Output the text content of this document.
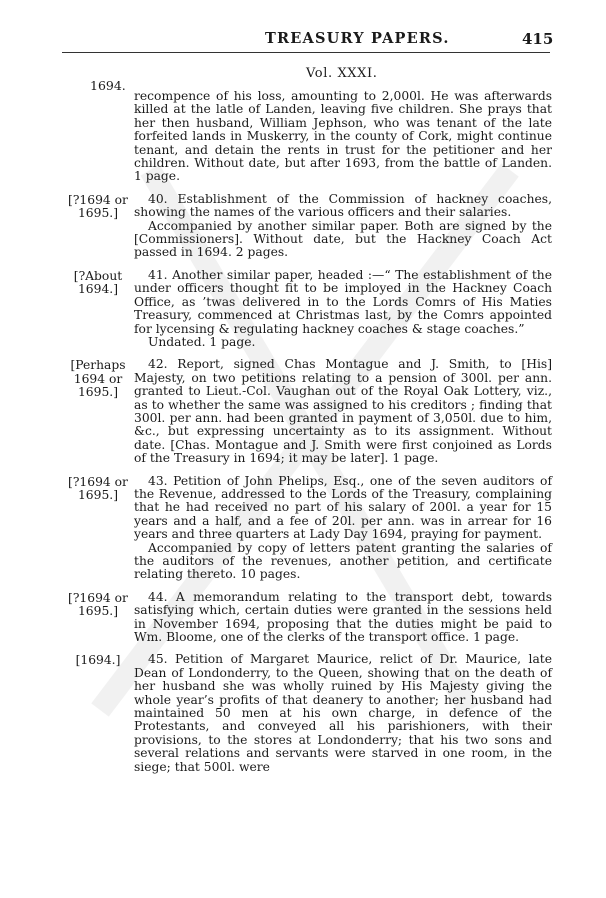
TREASURY PAPERS.	415
1694.
Vol. XXXI.

recompence of his loss, amounting to 2,000l. He was afterwards killed at the latle of Landen, leaving five children. She prays that her then husband, William Jephson, who was tenant of the late forfeited lands in Muskerry, in the county of Cork, might continue tenant, and detain the rents in trust for the petitioner and her children. Without date, but after 1693, from the battle of Landen. 1 page.

[?1694 or 1695.]

40. Establishment of the Commission of hackney coaches, showing the names of the various officers and their salaries.

Accompanied by another similar paper. Both are signed by the [Commissioners]. Without date, but the Hackney Coach Act passed in 1694. 2 pages.

[?About 1694.]

41. Another similar paper, headed :—“ The establishment of the under officers thought fit to be imployed in the Hackney Coach Office, as ’twas delivered in to the Lords Comrs of His Maties Treasury, commenced at Christmas last, by the Comrs appointed for lycensing & regulating hackney coaches & stage coaches.”

Undated. 1 page.

[Perhaps 1694 or 1695.]

42. Report, signed Chas Montague and J. Smith, to [His] Majesty, on two petitions relating to a pension of 300l. per ann. granted to Lieut.-Col. Vaughan out of the Royal Oak Lottery, viz., as to whether the same was assigned to his creditors ; finding that 300l. per ann. had been granted in payment of 3,050l. due to him, &c., but expressing uncertainty as to its assignment. Without date. [Chas. Montague and J. Smith were first conjoined as Lords of the Treasury in 1694; it may be later]. 1 page.

[?1694 or 1695.]

43. Petition of John Phelips, Esq., one of the seven auditors of the Revenue, addressed to the Lords of the Treasury, complaining that he had received no part of his salary of 200l. a year for 15 years and a half, and a fee of 20l. per ann. was in arrear for 16 years and three quarters at Lady Day 1694, praying for payment.

Accompanied by copy of letters patent granting the salaries of the auditors of the revenues, another petition, and certificate relating thereto. 10 pages.

[?1694 or 1695.]

44. A memorandum relating to the transport debt, towards satisfying which, certain duties were granted in the sessions held in November 1694, proposing that the duties might be paid to Wm. Bloome, one of the clerks of the transport office. 1 page.

[1694.]	45. Petition of Margaret Maurice, relict of Dr. Maurice, late Dean of Londonderry, to the Queen, showing that on the death of her husband she was wholly ruined by His Majesty giving the whole year’s profits of that deanery to another; her husband had maintained 50 men at his own charge, in defence of the Protestants, and conveyed all his parishioners, with their provisions, to the stores at Londonderry; that his two sons and several relations and servants were starved in one room, in the siege; that 500l. were
